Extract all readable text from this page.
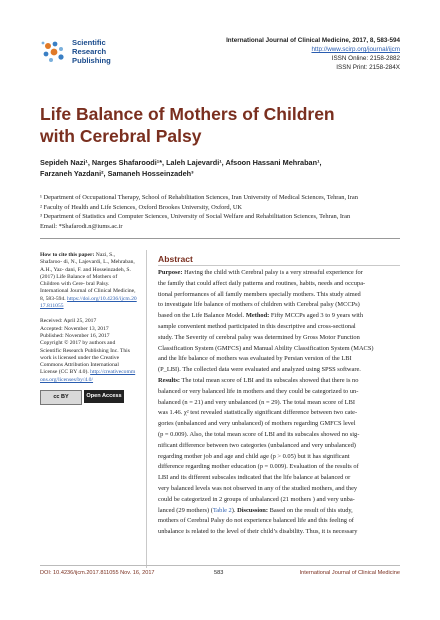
Scientific
Research
Publishing
International Journal of Clinical Medicine, 2017, 8, 583-594
http://www.scirp.org/journal/ijcm
ISSN Online: 2158-2882
ISSN Print: 2158-284X
Life Balance of Mothers of Children
with Cerebral Palsy
Sepideh Nazi¹, Narges Shafaroodi¹*, Laleh Lajevardi¹, Afsoon Hassani Mehraban¹,
Farzaneh Yazdani², Samaneh Hosseinzadeh³
¹ Department of Occupational Therapy, School of Rehabilitation Sciences, Iran University of Medical Sciences, Tehran, Iran
² Faculty of Health and Life Sciences, Oxford Brookes University, Oxford, UK
³ Department of Statistics and Computer Sciences, University of Social Welfare and Rehabilitation Sciences, Tehran, Iran
Email: *Shafarodi.n@iums.ac.ir

How to cite this paper: Nazi, S., Shafaroo- di, N., Lajevardi, L., Mehraban, A.H., Yaz- dani, F. and Hosseinzadeh, S. (2017) Life Balance of Mothers of Children with Cere- bral Palsy. International Journal of Clinical Medicine, 8, 583-594. https://doi.org/10.4236/ijcm.2017.811055

Received: April 25, 2017
Accepted: November 13, 2017
Published: November 16, 2017

Copyright © 2017 by authors and Scientific Research Publishing Inc. This work is licensed under the Creative Commons Attribution International License (CC BY 4.0). http://creativecommons.org/licenses/by/4.0/

cc BY	Open Access
Abstract
Purpose: Having the child with Cerebral palsy is a very stressful experience for
the family that could affect daily patterns and routines, habits, needs and occupa-
tional performances of all family members specially mothers. This study aimed
to investigate life balance of mothers of children with Cerebral palsy (MCCPs)
based on the Life Balance Model. Method: Fifty MCCPs aged 3 to 9 years with
sample convenient method participated in this descriptive and cross-sectional
study. The Severity of cerebral palsy was determined by Gross Motor Function
Classification System (GMFCS) and Manual Ability Classification System (MACS)
and the life balance of mothers was evaluated by Persian version of the LBI
(P_LBI). The collected data were evaluated and analyzed using SPSS software.
Results: The total mean score of LBI and its subscales showed that there is no
balanced or very balanced life in mothers and they could be categorized to un-
balanced (n = 21) and very unbalanced (n = 29). The total mean score of LBI
was 1.46. χ² test revealed statistically significant difference between two cate-
gories (unbalanced and very unbalanced) of mothers regarding GMFCS level
(p = 0.009). Also, the total mean score of LBI and its subscales showed no sig-
nificant difference between two categories (unbalanced and very unbalanced)
regarding mother job and age and child age (p > 0.05) but it has significant
difference regarding mother education (p = 0.009). Evaluation of the results of
LBI and its different subscales indicated that the life balance at balanced or
very balanced levels was not observed in any of the studied mothers, and they
could be categorized in 2 groups of unbalanced (21 mothers ) and very unba-
lanced (29 mothers) (Table 2). Discussion: Based on the result of this study,
mothers of Cerebral Palsy do not experience balanced life and this feeling of
unbalance is related to the level of their child’s disability. Thus, it is necessary
DOI: 10.4236/ijcm.2017.811055 Nov. 16, 2017	583	International Journal of Clinical Medicine
